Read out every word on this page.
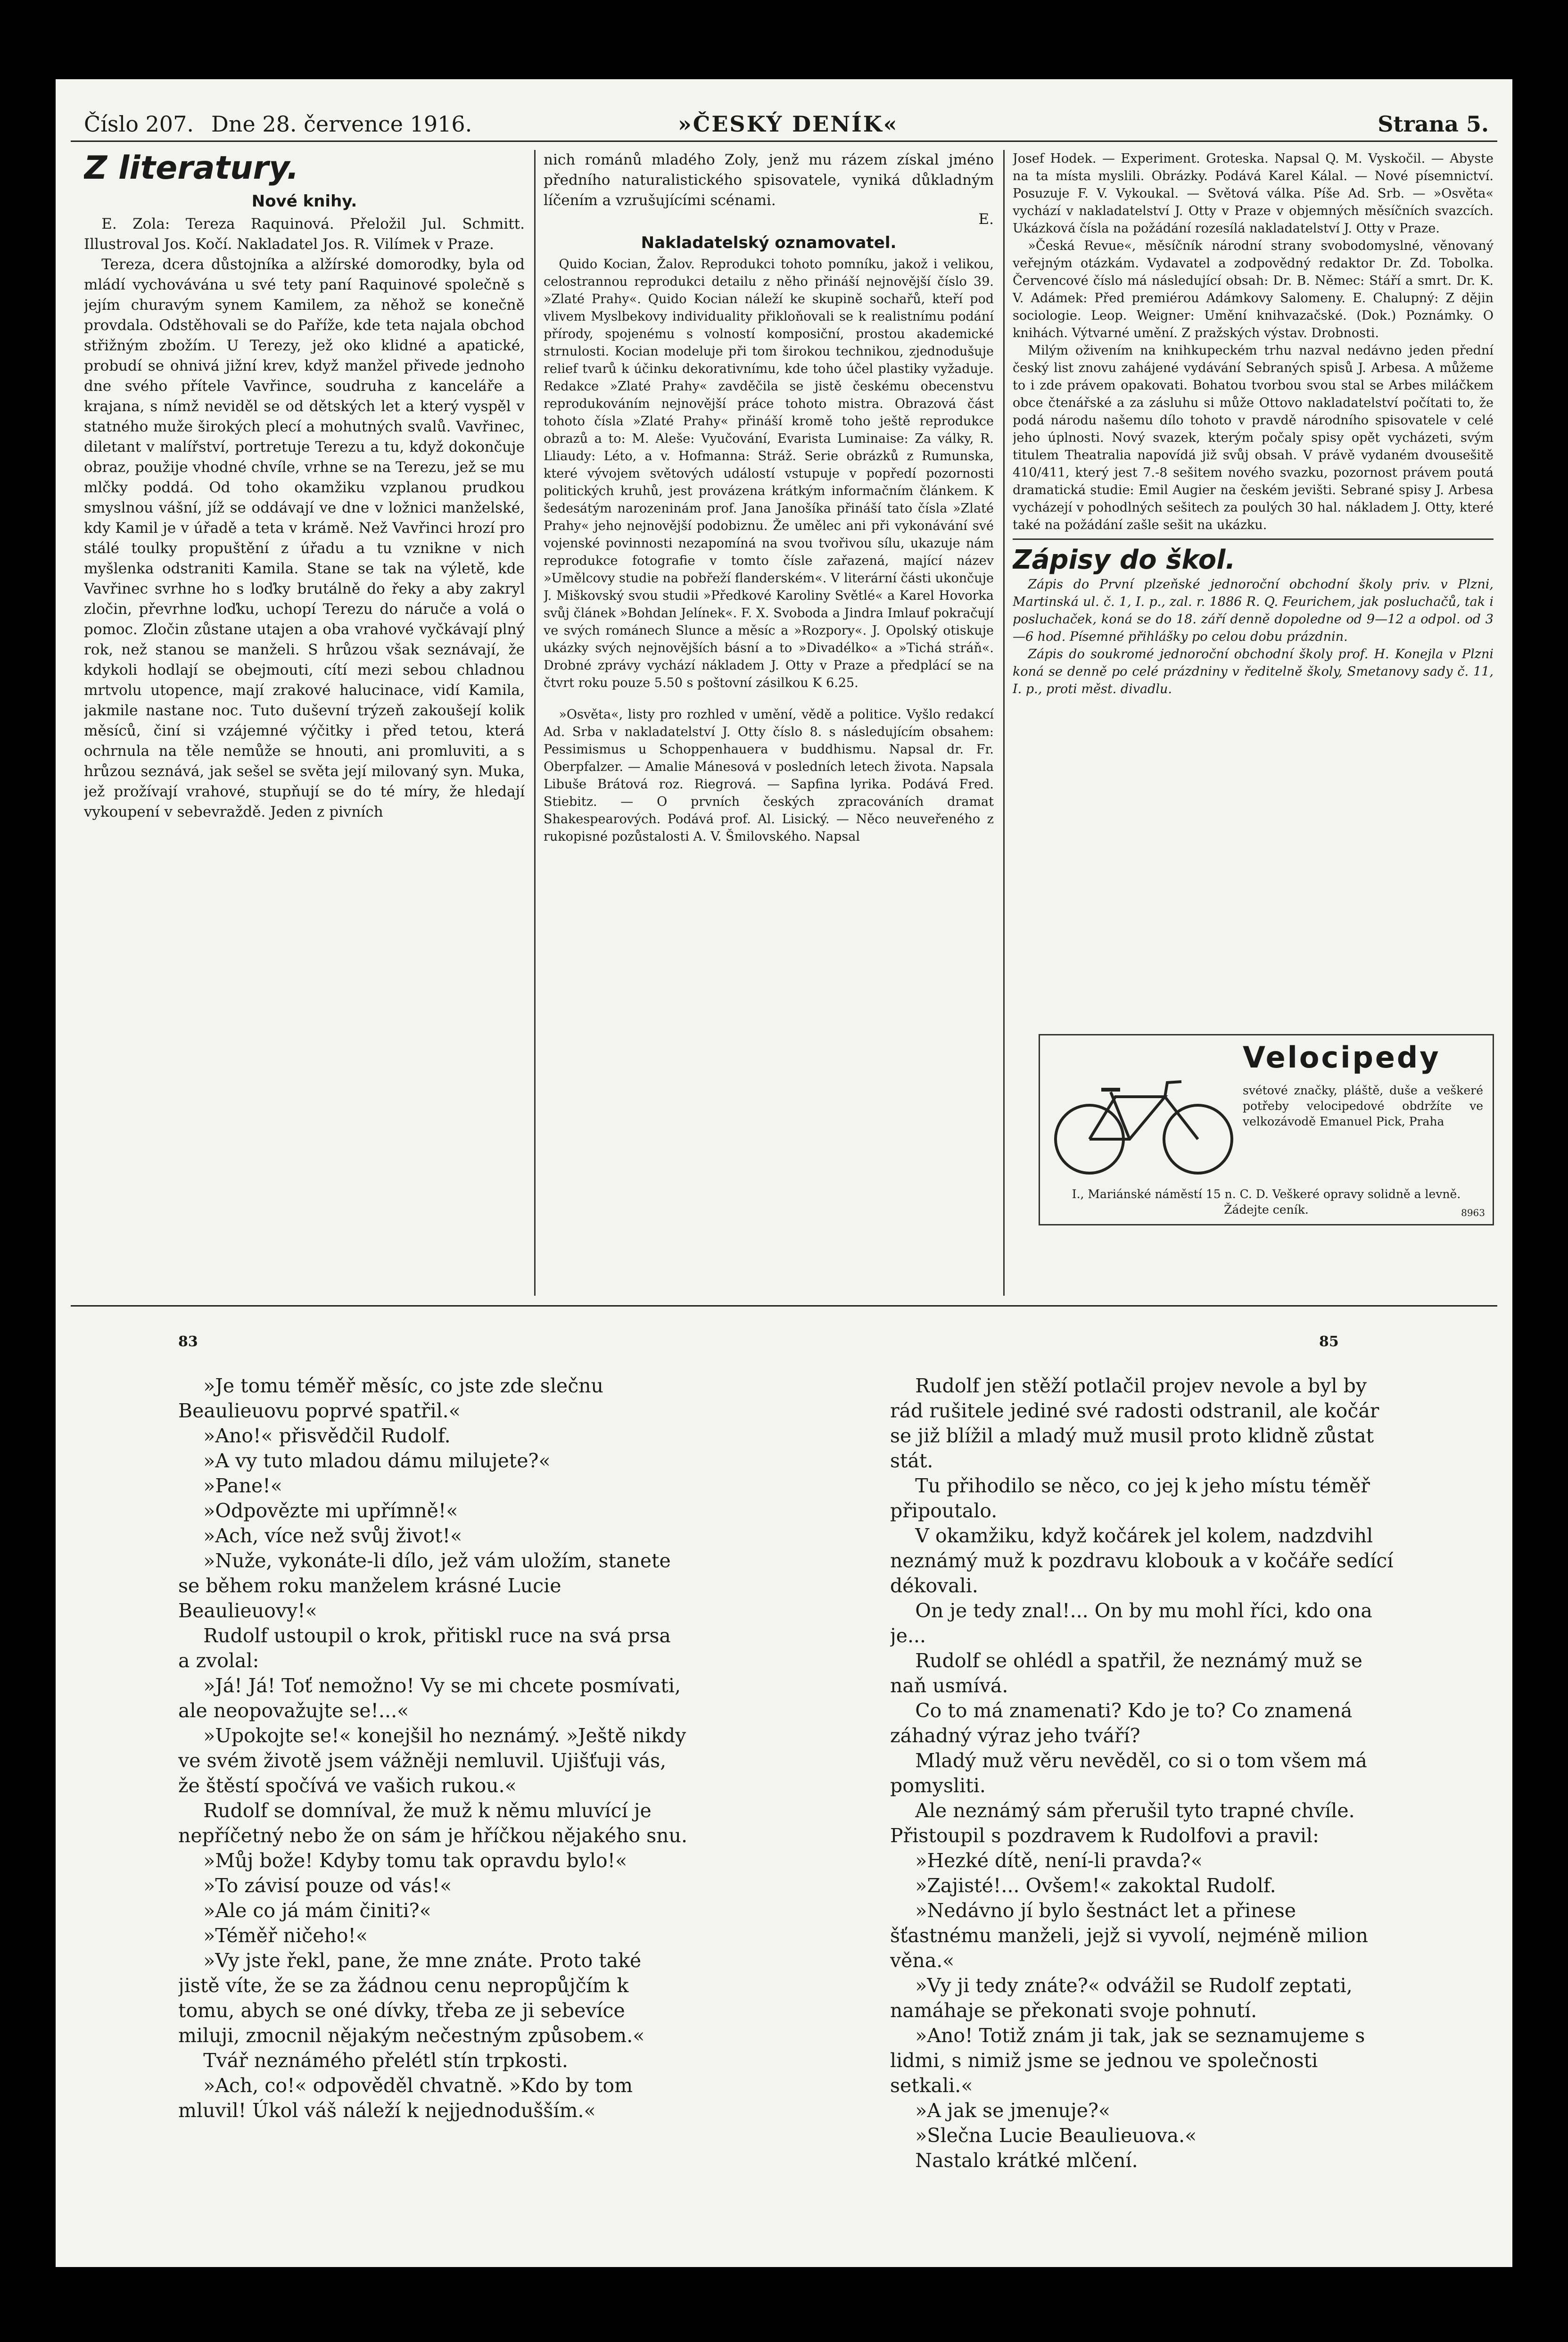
Číslo 207. Dne 28. července 1916.	»ČESKÝ DENÍK«	Strana 5.
Z literatury.
Nové knihy.

E. Zola: Tereza Raquinová. Přeložil Jul. Schmitt. Illustroval Jos. Kočí. Nakladatel Jos. R. Vilímek v Praze.

Tereza, dcera důstojníka a alžírské domorodky, byla od mládí vychovávána u své tety paní Raquinové společně s jejím churavým synem Kamilem, za něhož se konečně provdala. Odstěhovali se do Paříže, kde teta najala obchod střižným zbožím. U Terezy, jež oko klidné a apatické, probudí se ohnivá jižní krev, když manžel přivede jednoho dne svého přítele Vavřince, soudruha z kanceláře a krajana, s nímž neviděl se od dětských let a který vyspěl v statného muže širokých plecí a mohutných svalů. Vavřinec, diletant v malířství, portretuje Terezu a tu, když dokončuje obraz, použije vhodné chvíle, vrhne se na Terezu, jež se mu mlčky poddá. Od toho okamžiku vzplanou prudkou smyslnou vášní, jíž se oddávají ve dne v ložnici manželské, kdy Kamil je v úřadě a teta v krámě. Než Vavřinci hrozí pro stálé toulky propuštění z úřadu a tu vznikne v nich myšlenka odstraniti Kamila. Stane se tak na výletě, kde Vavřinec svrhne ho s loďky brutálně do řeky a aby zakryl zločin, převrhne loďku, uchopí Terezu do náruče a volá o pomoc. Zločin zůstane utajen a oba vrahové vyčkávají plný rok, než stanou se manželi. S hrůzou však seznávají, že kdykoli hodlají se obejmouti, cítí mezi sebou chladnou mrtvolu utopence, mají zrakové halucinace, vidí Kamila, jakmile nastane noc. Tuto duševní trýzeň zakoušejí kolik měsíců, činí si vzájemné výčitky i před tetou, která ochrnula na těle nemůže se hnouti, ani promluviti, a s hrůzou seznává, jak sešel se světa její milovaný syn. Muka, jež prožívají vrahové, stupňují se do té míry, že hledají vykoupení v sebevraždě. Jeden z pivních

nich románů mladého Zoly, jenž mu rázem získal jméno předního naturalistického spisovatele, vyniká důkladným líčením a vzrušujícími scénami.

E.
Nakladatelský oznamovatel.

Quido Kocian, Žalov. Reprodukci tohoto pomníku, jakož i velikou, celostrannou reprodukci detailu z něho přináší nejnovější číslo 39. »Zlaté Prahy«. Quido Kocian náleží ke skupině sochařů, kteří pod vlivem Myslbekovy individuality přikloňovali se k realistnímu podání přírody, spojenému s volností komposiční, prostou akademické strnulosti. Kocian modeluje při tom širokou technikou, zjednodušuje relief tvarů k účinku dekorativnímu, kde toho účel plastiky vyžaduje. Redakce »Zlaté Prahy« zavděčila se jistě českému obecenstvu reprodukováním nejnovější práce tohoto mistra. Obrazová část tohoto čísla »Zlaté Prahy« přináší kromě toho ještě reprodukce obrazů a to: M. Aleše: Vyučování, Evarista Luminaise: Za války, R. Lliaudy: Léto, a v. Hofmanna: Stráž. Serie obrázků z Rumunska, které vývojem světových událostí vstupuje v popředí pozornosti politických kruhů, jest provázena krátkým informačním článkem. K šedesátým narozeninám prof. Jana Janošíka přináší tato čísla »Zlaté Prahy« jeho nejnovější podobiznu. Že umělec ani při vykonávání své vojenské povinnosti nezapomíná na svou tvořivou sílu, ukazuje nám reprodukce fotografie v tomto čísle zařazená, mající název »Umělcovy studie na pobřeží flanderském«. V literární části ukončuje J. Miškovský svou studii »Předkové Karoliny Světlé« a Karel Hovorka svůj článek »Bohdan Jelínek«. F. X. Svoboda a Jindra Imlauf pokračují ve svých románech Slunce a měsíc a »Rozpory«. J. Opolský otiskuje ukázky svých nejnovějších básní a to »Divadélko« a »Tichá stráň«. Drobné zprávy vychází nákladem J. Otty v Praze a předplácí se na čtvrt roku pouze 5.50 s poštovní zásilkou K 6.25.

»Osvěta«, listy pro rozhled v umění, vědě a politice. Vyšlo redakcí Ad. Srba v nakladatelství J. Otty číslo 8. s následujícím obsahem: Pessimismus u Schoppenhauera v buddhismu. Napsal dr. Fr. Oberpfalzer. — Amalie Mánesová v posledních letech života. Napsala Libuše Brátová roz. Riegrová. — Sapfina lyrika. Podává Fred. Stiebitz. — O prvních českých zpracováních dramat Shakespearových. Podává prof. Al. Lisický. — Něco neuveřeného z rukopisné pozůstalosti A. V. Šmilovského. Napsal

Josef Hodek. — Experiment. Groteska. Napsal Q. M. Vyskočil. — Abyste na ta místa myslili. Obrázky. Podává Karel Kálal. — Nové písemnictví. Posuzuje F. V. Vykoukal. — Světová válka. Píše Ad. Srb. — »Osvěta« vychází v nakladatelství J. Otty v Praze v objemných měsíčních svazcích. Ukázková čísla na požádání rozesílá nakladatelství J. Otty v Praze.

»Česká Revue«, měsíčník národní strany svobodomyslné, věnovaný veřejným otázkám. Vydavatel a zodpovědný redaktor Dr. Zd. Tobolka. Červencové číslo má následující obsah: Dr. B. Němec: Stáří a smrt. Dr. K. V. Adámek: Před premiérou Adámkovy Salomeny. E. Chalupný: Z dějin sociologie. Leop. Weigner: Umění knihvazačské. (Dok.) Poznámky. O knihách. Výtvarné umění. Z pražských výstav. Drobnosti.

Milým oživením na knihkupeckém trhu nazval nedávno jeden přední český list znovu zahájené vydávání Sebraných spisů J. Arbesa. A můžeme to i zde právem opakovati. Bohatou tvorbou svou stal se Arbes miláčkem obce čtenářské a za zásluhu si může Ottovo nakladatelství počítati to, že podá národu našemu dílo tohoto v pravdě národního spisovatele v celé jeho úplnosti. Nový svazek, kterým počaly spisy opět vycházeti, svým titulem Theatralia napovídá již svůj obsah. V právě vydaném dvousešitě 410/411, který jest 7.-8 sešitem nového svazku, pozornost právem poutá dramatická studie: Emil Augier na českém jevišti. Sebrané spisy J. Arbesa vycházejí v pohodlných sešitech za poulých 30 hal. nákladem J. Otty, které také na požádání zašle sešit na ukázku.

Zápisy do škol.

Zápis do První plzeňské jednoroční obchodní školy priv. v Plzni, Martinská ul. č. 1, I. p., zal. r. 1886 R. Q. Feurichem, jak posluchačů, tak i posluchaček, koná se do 18. září denně dopoledne od 9—12 a odpol. od 3—6 hod. Písemné přihlášky po celou dobu prázdnin.

Zápis do soukromé jednoroční obchodní školy prof. H. Konejla v Plzni koná se denně po celé prázdniny v ředitelně školy, Smetanovy sady č. 11, I. p., proti měst. divadlu.

Velocipedy
svétové značky, pláště, duše a veškeré potřeby velocipedové obdržíte ve velkozávodě Emanuel Pick, Praha
I., Mariánské náměstí 15 n. C. D. Veškeré opravy solidně a levně. Žádejte ceník.	8963
83	85

»Je tomu téměř měsíc, co jste zde slečnu Beaulieuovu poprvé spatřil.«

»Ano!« přisvědčil Rudolf.

»A vy tuto mladou dámu milujete?«

»Pane!«

»Odpovězte mi upřímně!«

»Ach, více než svůj život!«

»Nuže, vykonáte-li dílo, jež vám uložím, stanete se během roku manželem krásné Lucie Beaulieuovy!«

Rudolf ustoupil o krok, přitiskl ruce na svá prsa a zvolal:

»Já! Já! Toť nemožno! Vy se mi chcete posmívati, ale neopovažujte se!...«

»Upokojte se!« konejšil ho neznámý. »Ještě nikdy ve svém životě jsem vážněji nemluvil. Ujišťuji vás, že štěstí spočívá ve vašich rukou.«

Rudolf se domníval, že muž k němu mluvící je nepříčetný nebo že on sám je hříčkou nějakého snu.

»Můj bože! Kdyby tomu tak opravdu bylo!«

»To závisí pouze od vás!«

»Ale co já mám činiti?«

»Téměř ničeho!«

»Vy jste řekl, pane, že mne znáte. Proto také jistě víte, že se za žádnou cenu nepropůjčím k tomu, abych se oné dívky, třeba ze ji sebevíce miluji, zmocnil nějakým nečestným způsobem.«

Tvář neznámého přelétl stín trpkosti.

»Ach, co!« odpověděl chvatně. »Kdo by tom mluvil! Úkol váš náleží k nejjednodušším.«

Rudolf jen stěží potlačil projev nevole a byl by rád rušitele jediné své radosti odstranil, ale kočár se již blížil a mladý muž musil proto klidně zůstat stát.

Tu přihodilo se něco, co jej k jeho místu téměř připoutalo.

V okamžiku, když kočárek jel kolem, nadzdvihl neznámý muž k pozdravu klobouk a v kočáře sedící dékovali.

On je tedy znal!... On by mu mohl říci, kdo ona je...

Rudolf se ohlédl a spatřil, že neznámý muž se naň usmívá.

Co to má znamenati? Kdo je to? Co znamená záhadný výraz jeho tváří?

Mladý muž věru nevěděl, co si o tom všem má pomysliti.

Ale neznámý sám přerušil tyto trapné chvíle. Přistoupil s pozdravem k Rudolfovi a pravil:

»Hezké dítě, není-li pravda?«

»Zajisté!... Ovšem!« zakoktal Rudolf.

»Nedávno jí bylo šestnáct let a přinese šťastnému manželi, jejž si vyvolí, nejméně milion věna.«

»Vy ji tedy znáte?« odvážil se Rudolf zeptati, namáhaje se překonati svoje pohnutí.

»Ano! Totiž znám ji tak, jak se seznamujeme s lidmi, s nimiž jsme se jednou ve společnosti setkali.«

»A jak se jmenuje?«

»Slečna Lucie Beaulieuova.«

Nastalo krátké mlčení.
